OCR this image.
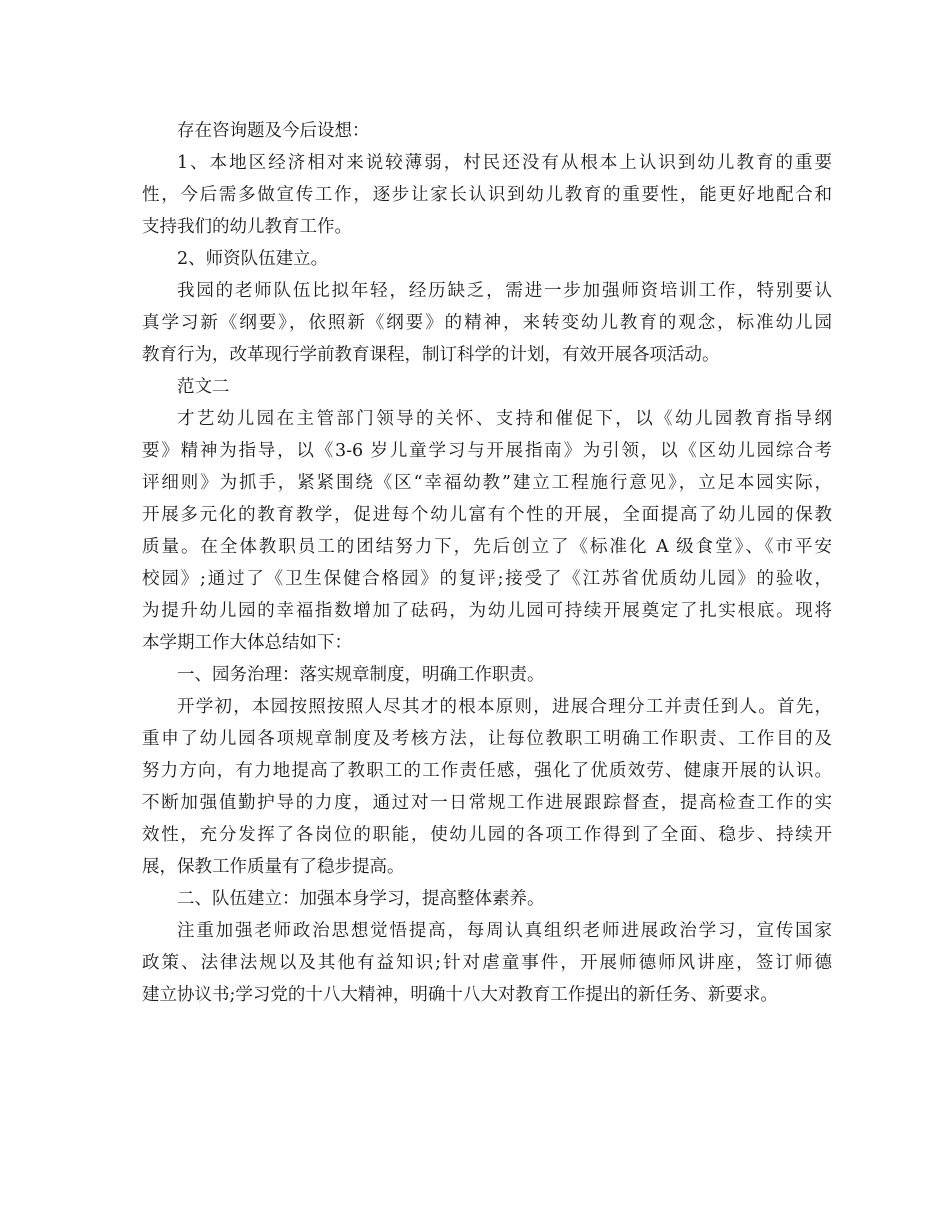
存在咨询题及今后设想：
1、本地区经济相对来说较薄弱，村民还没有从根本上认识到幼儿教育的重要
性，今后需多做宣传工作，逐步让家长认识到幼儿教育的重要性，能更好地配合和
支持我们的幼儿教育工作。
2、师资队伍建立。
我园的老师队伍比拟年轻，经历缺乏，需进一步加强师资培训工作，特别要认
真学习新《纲要》，依照新《纲要》的精神，来转变幼儿教育的观念，标准幼儿园
教育行为，改革现行学前教育课程，制订科学的计划，有效开展各项活动。
范文二
才艺幼儿园在主管部门领导的关怀、支持和催促下，以《幼儿园教育指导纲
要》精神为指导，以《3-6 岁儿童学习与开展指南》为引领，以《区幼儿园综合考
评细则》为抓手，紧紧围绕《区“幸福幼教”建立工程施行意见》，立足本园实际，
开展多元化的教育教学，促进每个幼儿富有个性的开展，全面提高了幼儿园的保教
质量。在全体教职员工的团结努力下，先后创立了《标准化 A 级食堂》、《市平安
校园》;通过了《卫生保健合格园》的复评;接受了《江苏省优质幼儿园》的验收，
为提升幼儿园的幸福指数增加了砝码，为幼儿园可持续开展奠定了扎实根底。现将
本学期工作大体总结如下：
一、园务治理：落实规章制度，明确工作职责。
开学初，本园按照按照人尽其才的根本原则，进展合理分工并责任到人。首先，
重申了幼儿园各项规章制度及考核方法，让每位教职工明确工作职责、工作目的及
努力方向，有力地提高了教职工的工作责任感，强化了优质效劳、健康开展的认识。
不断加强值勤护导的力度，通过对一日常规工作进展跟踪督查，提高检查工作的实
效性，充分发挥了各岗位的职能，使幼儿园的各项工作得到了全面、稳步、持续开
展，保教工作质量有了稳步提高。
二、队伍建立：加强本身学习，提高整体素养。
注重加强老师政治思想觉悟提高，每周认真组织老师进展政治学习，宣传国家
政策、法律法规以及其他有益知识;针对虐童事件，开展师德师风讲座，签订师德
建立协议书;学习党的十八大精神，明确十八大对教育工作提出的新任务、新要求。
